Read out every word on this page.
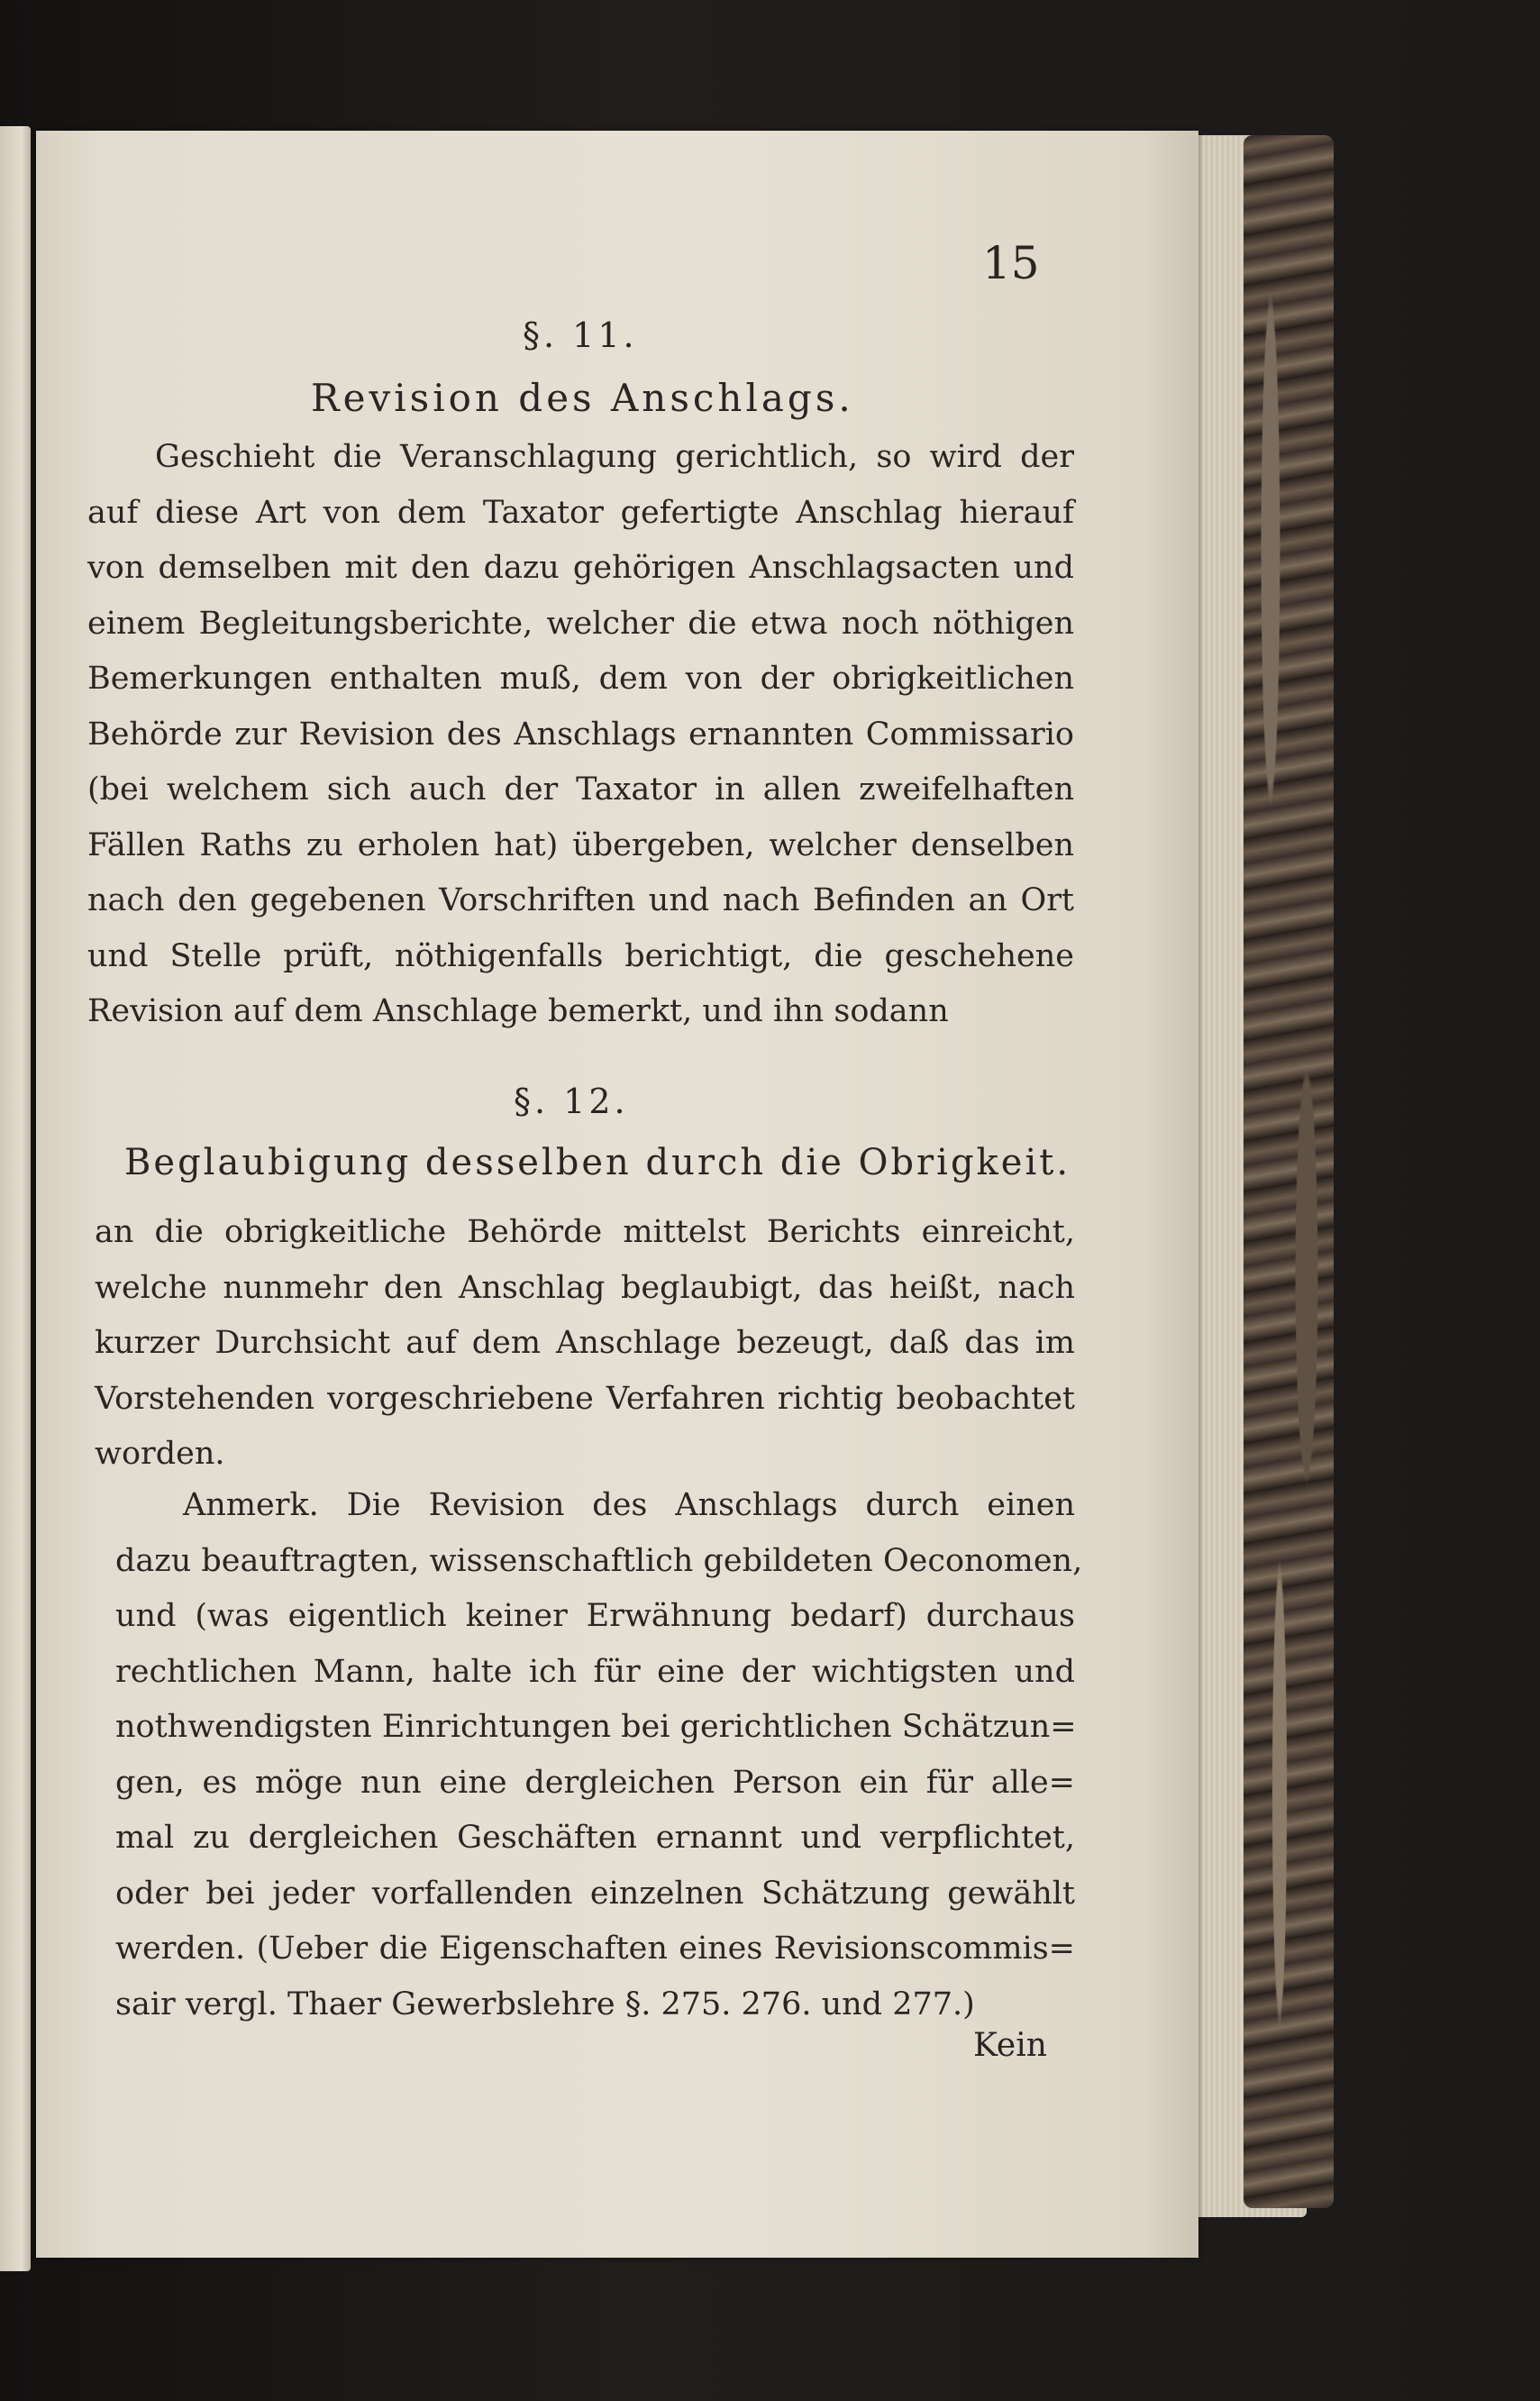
15
§. 11.
Revision des Anschlags.
Geschieht die Veranschlagung gerichtlich, so wird der
auf diese Art von dem Taxator gefertigte Anschlag hierauf
von demselben mit den dazu gehörigen Anschlagsacten und
einem Begleitungsberichte, welcher die etwa noch nöthigen
Bemerkungen enthalten muß, dem von der obrigkeitlichen
Behörde zur Revision des Anschlags ernannten Commissario
(bei welchem sich auch der Taxator in allen zweifelhaften
Fällen Raths zu erholen hat) übergeben, welcher denselben
nach den gegebenen Vorschriften und nach Befinden an Ort
und Stelle prüft, nöthigenfalls berichtigt, die geschehene
Revision auf dem Anschlage bemerkt, und ihn sodann
§. 12.
Beglaubigung desselben durch die Obrigkeit.
an die obrigkeitliche Behörde mittelst Berichts einreicht,
welche nunmehr den Anschlag beglaubigt, das heißt, nach
kurzer Durchsicht auf dem Anschlage bezeugt, daß das im
Vorstehenden vorgeschriebene Verfahren richtig beobachtet
worden.
Anmerk. Die Revision des Anschlags durch einen
dazu beauftragten, wissenschaftlich gebildeten Oeconomen,
und (was eigentlich keiner Erwähnung bedarf) durchaus
rechtlichen Mann, halte ich für eine der wichtigsten und
nothwendigsten Einrichtungen bei gerichtlichen Schätzun=
gen, es möge nun eine dergleichen Person ein für alle=
mal zu dergleichen Geschäften ernannt und verpflichtet,
oder bei jeder vorfallenden einzelnen Schätzung gewählt
werden. (Ueber die Eigenschaften eines Revisionscommis=
sair vergl. Thaer Gewerbslehre §. 275. 276. und 277.)
Kein
